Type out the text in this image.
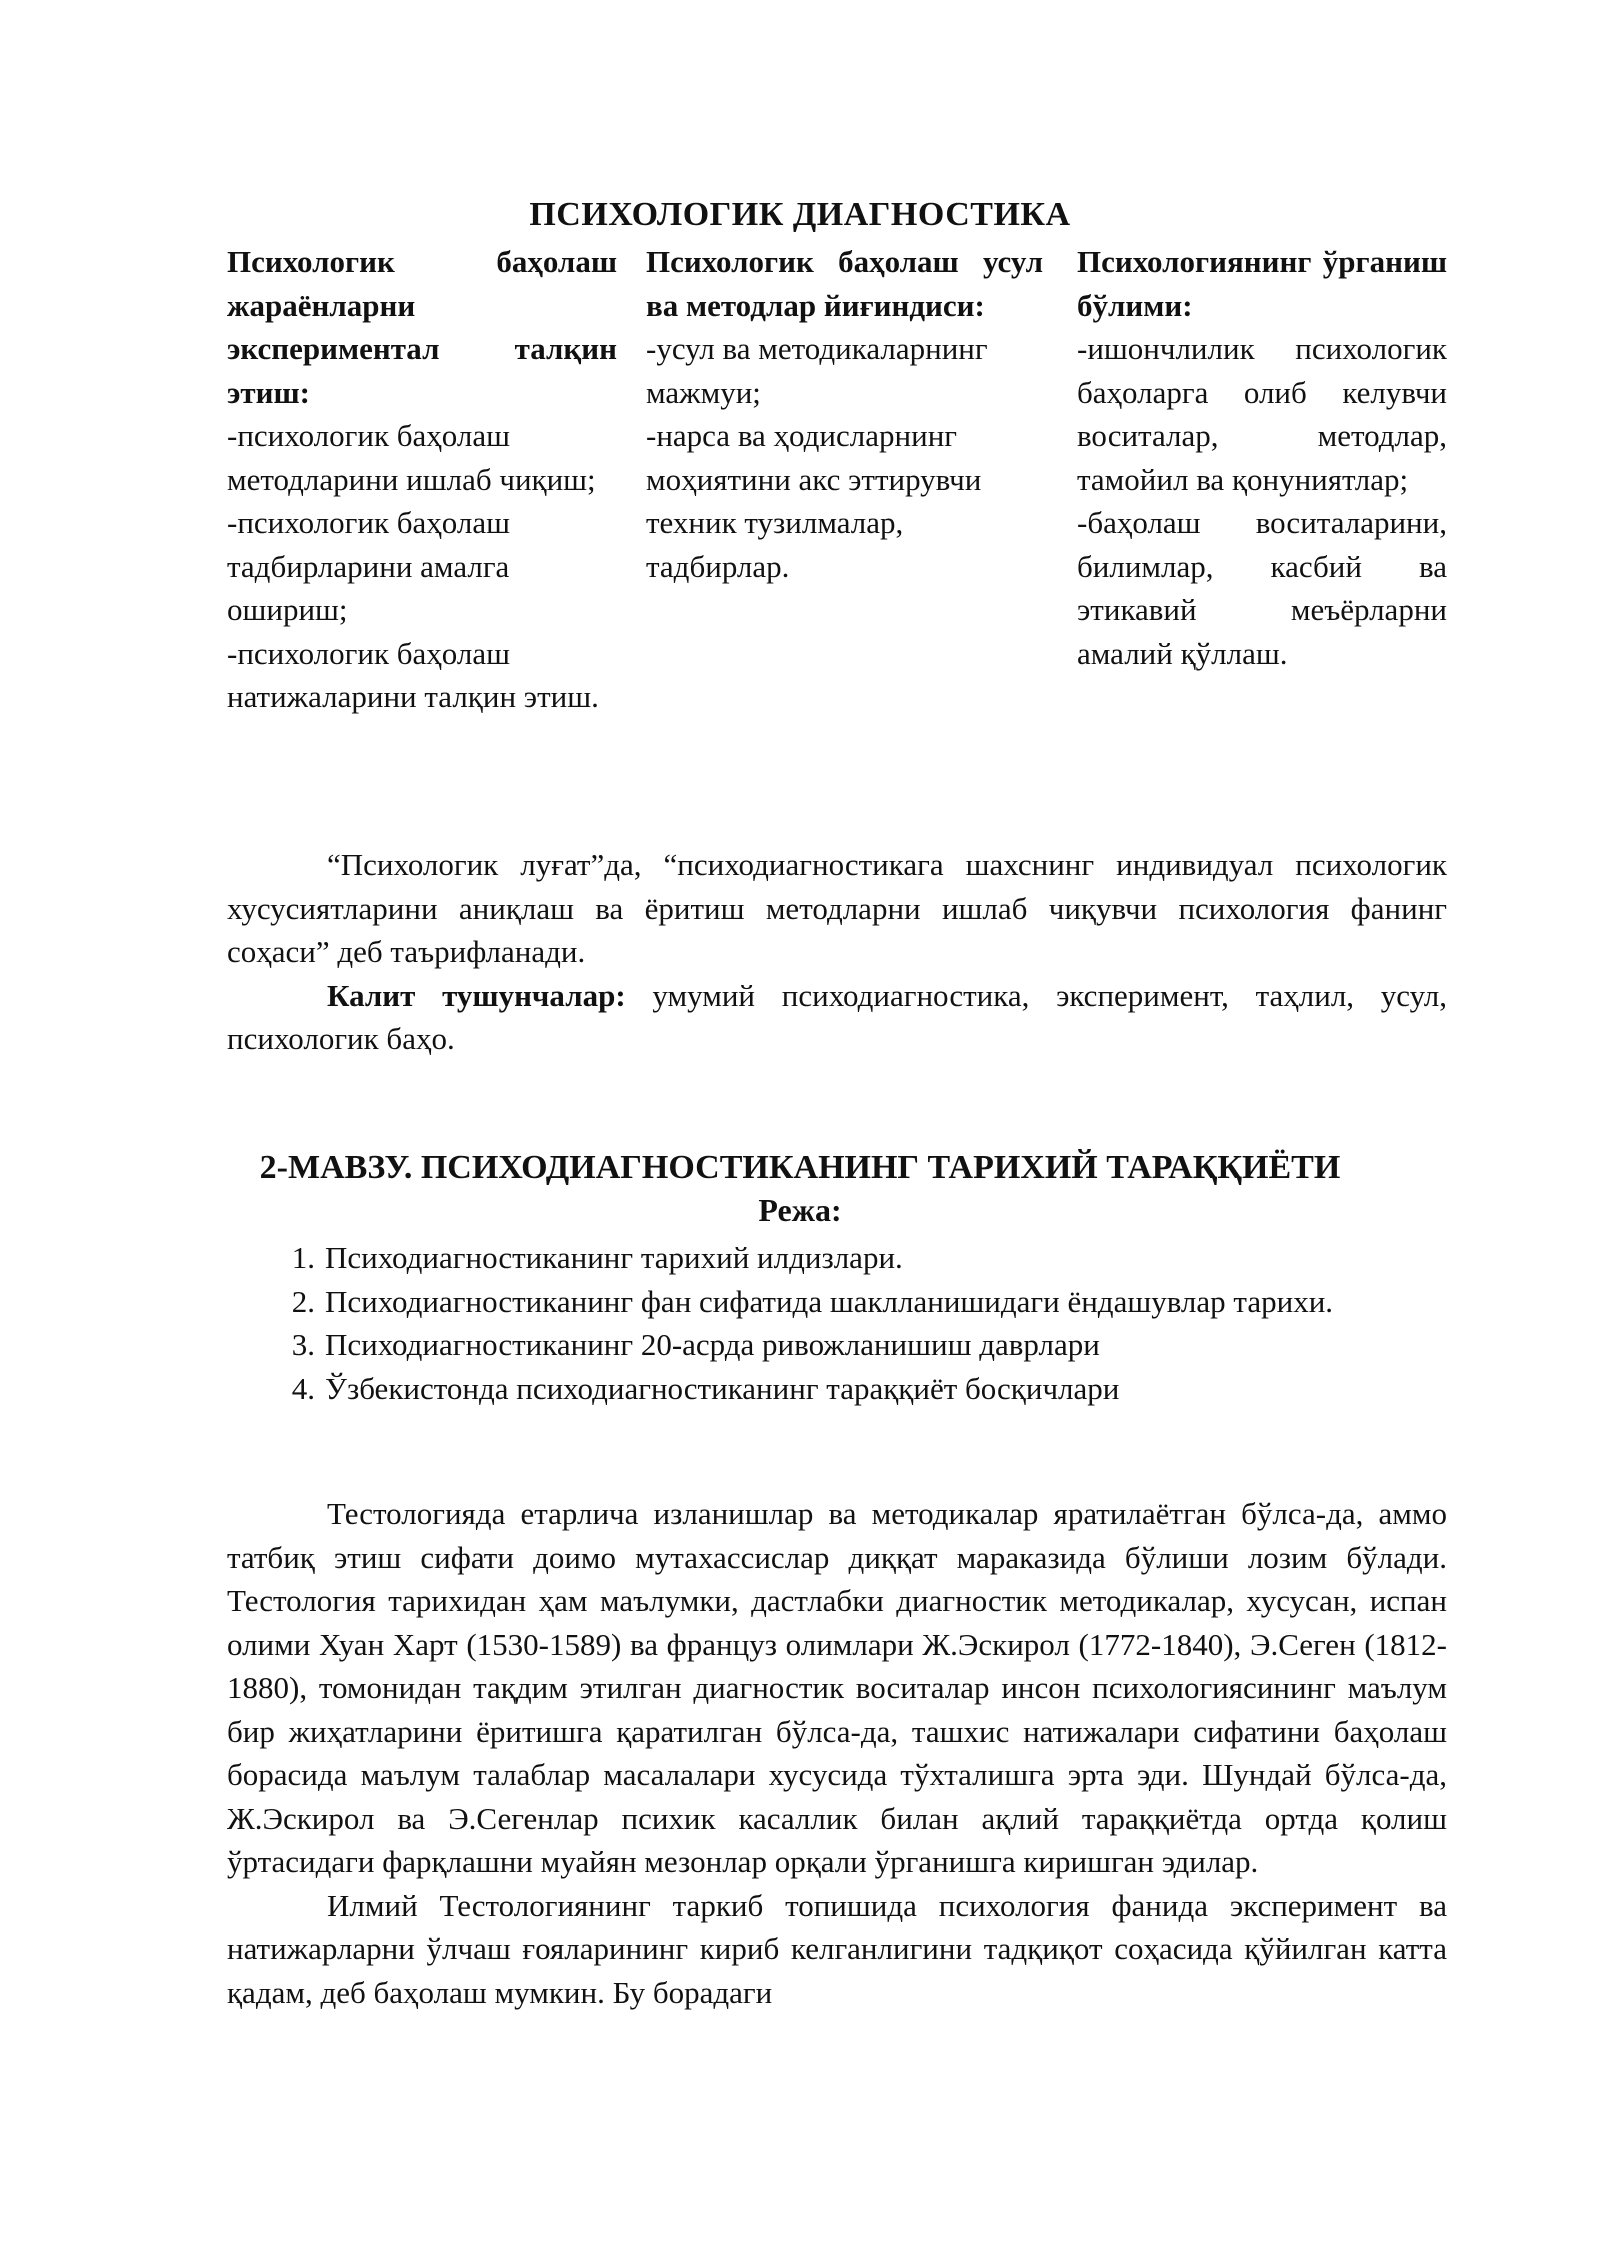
ПСИХОЛОГИК ДИАГНОСТИКА

Психологик баҳолаш жараёнларни экспериментал талқин этиш:

-психологик баҳолаш методларини ишлаб чиқиш;

-психологик баҳолаш тадбирларини амалга ошириш;

-психологик баҳолаш натижаларини талқин этиш.

Психологик баҳолаш усул ва методлар йиғиндиси:

-усул ва методикаларнинг мажмуи;

-нарса ва ҳодисларнинг моҳиятини акс эттирувчи техник тузилмалар, тадбирлар.

Психологиянинг ўрганиш бўлими:

-ишончлилик психологик баҳоларга олиб келувчи воситалар, методлар, тамойил ва қонуниятлар;

-баҳолаш воситаларини, билимлар, касбий ва этикавий меъёрларни амалий қўллаш.

“Психологик луғат”да, “психодиагностикага шахснинг индивидуал психологик хусусиятларини аниқлаш ва ёритиш методларни ишлаб чиқувчи психология фанинг соҳаси” деб таърифланади.

Калит тушунчалар: умумий психодиагностика, эксперимент, таҳлил, усул, психологик баҳо.

2-МАВЗУ. ПСИХОДИАГНОСТИКАНИНГ ТАРИХИЙ ТАРАҚҚИЁТИ
Режа:
1. Психодиагностиканинг тарихий илдизлари.
2. Психодиагностиканинг фан сифатида шаклланишидаги ёндашувлар тарихи.
3. Психодиагностиканинг 20-асрда ривожланишиш даврлари
4. Ўзбекистонда психодиагностиканинг тараққиёт босқичлари

Тестологияда етарлича изланишлар ва методикалар яратилаётган бўлса-да, аммо татбиқ этиш сифати доимо мутахассислар диққат мараказида бўлиши лозим бўлади. Тестология тарихидан ҳам маълумки, дастлабки диагностик методикалар, хусусан, испан олими Хуан Харт (1530-1589) ва француз олимлари Ж.Эскирол (1772-1840), Э.Сеген (1812-1880), томонидан тақдим этилган диагностик воситалар инсон психологиясининг маълум бир жиҳатларини ёритишга қаратилган бўлса-да, ташхис натижалари сифатини баҳолаш борасида маълум талаблар масалалари хусусида тўхталишга эрта эди. Шундай бўлса-да, Ж.Эскирол ва Э.Сегенлар психик касаллик билан ақлий тараққиётда ортда қолиш ўртасидаги фарқлашни муайян мезонлар орқали ўрганишга киришган эдилар.

Илмий Тестологиянинг таркиб топишида психология фанида эксперимент ва натижарларни ўлчаш ғояларининг кириб келганлигини тадқиқот соҳасида қўйилган катта қадам, деб баҳолаш мумкин. Бу борадаги
